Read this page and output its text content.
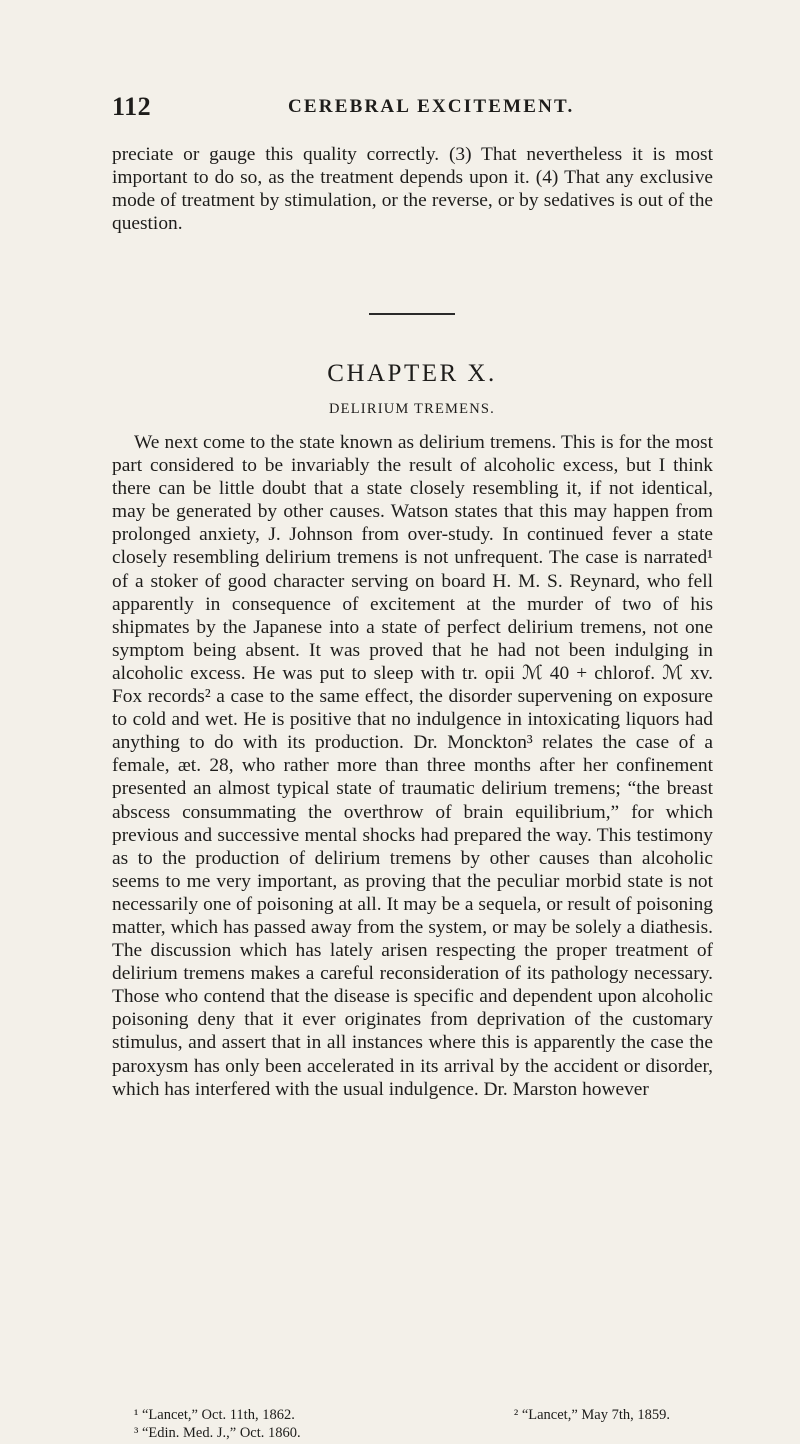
112	CEREBRAL EXCITEMENT.

preciate or gauge this quality correctly. (3) That nevertheless it is most important to do so, as the treatment depends upon it. (4) That any exclusive mode of treatment by stimulation, or the reverse, or by sedatives is out of the question.

CHAPTER X.
DELIRIUM TREMENS.

We next come to the state known as delirium tremens. This is for the most part considered to be invariably the result of alcoholic excess, but I think there can be little doubt that a state closely resembling it, if not identical, may be generated by other causes. Watson states that this may happen from prolonged anxiety, J. Johnson from over-study. In continued fever a state closely resembling delirium tremens is not unfrequent. The case is narrated¹ of a stoker of good character serving on board H. M. S. Reynard, who fell apparently in consequence of excitement at the murder of two of his shipmates by the Japanese into a state of perfect delirium tremens, not one symptom being absent. It was proved that he had not been indulging in alcoholic excess. He was put to sleep with tr. opii ℳ 40 + chlorof. ℳ xv. Fox records² a case to the same effect, the disorder supervening on exposure to cold and wet. He is positive that no indulgence in intoxicating liquors had anything to do with its production. Dr. Monckton³ relates the case of a female, æt. 28, who rather more than three months after her confinement presented an almost typical state of traumatic delirium tremens; “the breast abscess consummating the overthrow of brain equilibrium,” for which previous and successive mental shocks had prepared the way. This testimony as to the production of delirium tremens by other causes than alcoholic seems to me very important, as proving that the peculiar morbid state is not necessarily one of poisoning at all. It may be a sequela, or result of poisoning matter, which has passed away from the system, or may be solely a diathesis. The discussion which has lately arisen respecting the proper treatment of delirium tremens makes a careful reconsideration of its pathology necessary. Those who contend that the disease is specific and dependent upon alcoholic poisoning deny that it ever originates from deprivation of the customary stimulus, and assert that in all instances where this is apparently the case the paroxysm has only been accelerated in its arrival by the accident or disorder, which has interfered with the usual indulgence. Dr. Marston however

¹ “Lancet,” Oct. 11th, 1862.	² “Lancet,” May 7th, 1859.
³ “Edin. Med. J.,” Oct. 1860.
